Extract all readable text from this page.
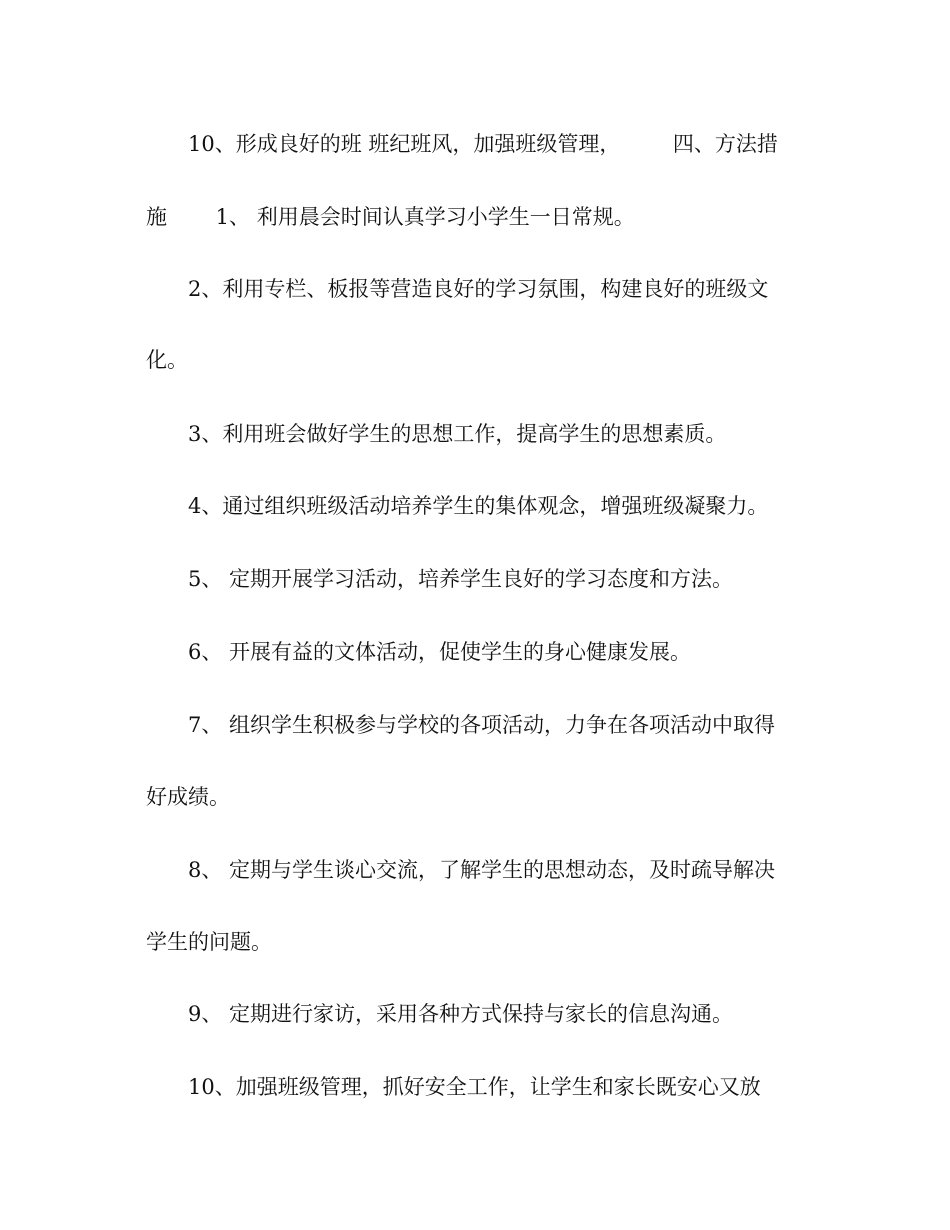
　　10、形成良好的班 班纪班风，加强班级管理，　　　四、方法措
施　　 1、 利用晨会时间认真学习小学生一日常规。
　　2、利用专栏、板报等营造良好的学习氛围，构建良好的班级文
化。
　　3、利用班会做好学生的思想工作，提高学生的思想素质。
　　4、通过组织班级活动培养学生的集体观念，增强班级凝聚力。
　　5、 定期开展学习活动，培养学生良好的学习态度和方法。
　　6、 开展有益的文体活动，促使学生的身心健康发展。
　　7、 组织学生积极参与学校的各项活动，力争在各项活动中取得
好成绩。
　　8、 定期与学生谈心交流，了解学生的思想动态，及时疏导解决
学生的问题。
　　9、 定期进行家访，采用各种方式保持与家长的信息沟通。
　　10、加强班级管理，抓好安全工作，让学生和家长既安心又放
